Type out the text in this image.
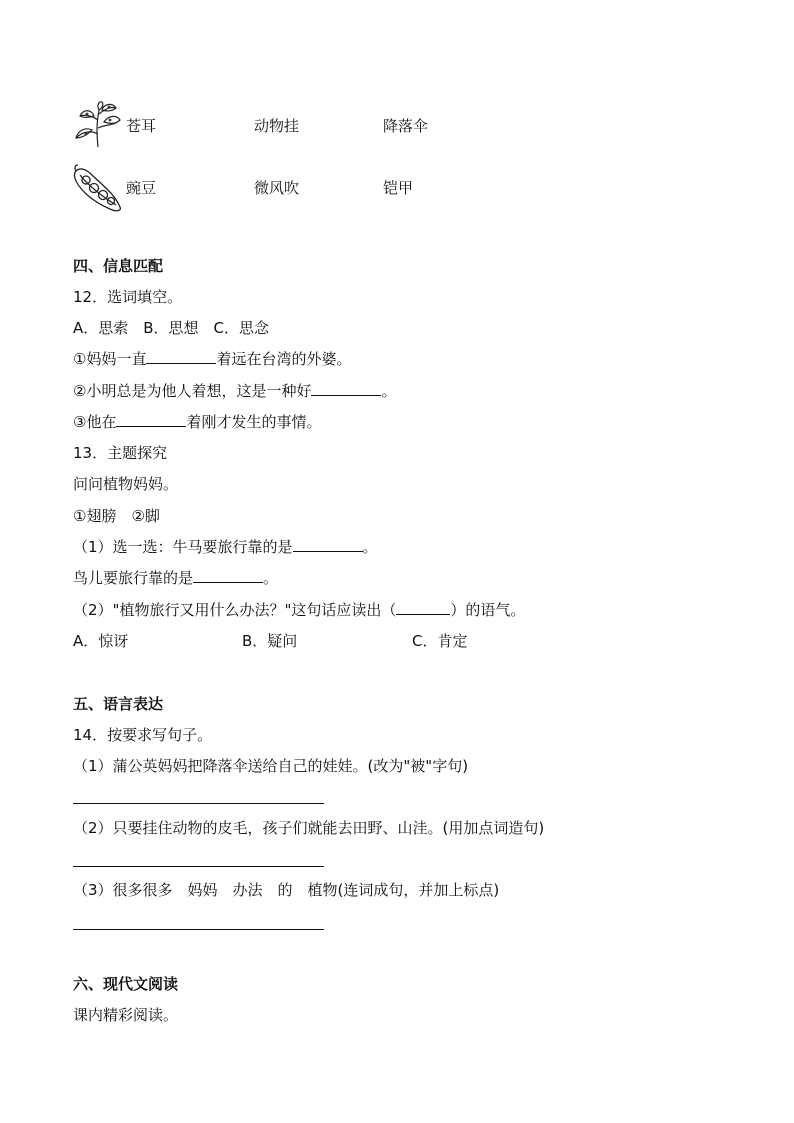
苍耳	动物挂	降落伞
豌豆	微风吹	铠甲
四、信息匹配
12．选词填空。
A．思索　B．思想　C．思念
①妈妈一直	着远在台湾的外婆。
②小明总是为他人着想，这是一种好	。
③他在	着刚才发生的事情。
13．主题探究
问问植物妈妈。
①翅膀　②脚
（1）选一选：牛马要旅行靠的是	。
鸟儿要旅行靠的是	。
（2）"植物旅行又用什么办法？"这句话应读出（	）的语气。
A．惊讶	B．疑问	C．肯定
五、语言表达
14．按要求写句子。
（1）蒲公英妈妈把降落伞送给自己的娃娃。(改为"被"字句)
（2）只要挂住动物的皮毛，孩子们就能去田野、山洼。(用加点词造句)
（3）很多很多　妈妈　办法　的　植物(连词成句，并加上标点)
六、现代文阅读
课内精彩阅读。
